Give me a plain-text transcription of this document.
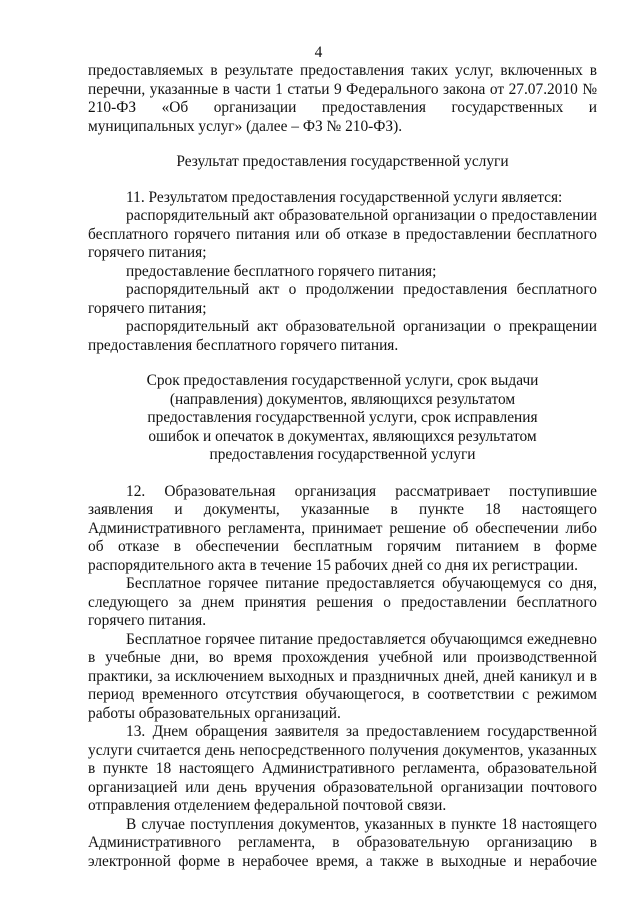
4

предоставляемых в результате предоставления таких услуг, включенных в перечни, указанные в части 1 статьи 9 Федерального закона от 27.07.2010 № 210-ФЗ «Об организации предоставления государственных и муниципальных услуг» (далее – ФЗ № 210-ФЗ).

Результат предоставления государственной услуги

11. Результатом предоставления государственной услуги является:

распорядительный акт образовательной организации о предоставлении бесплатного горячего питания или об отказе в предоставлении бесплатного горячего питания;

предоставление бесплатного горячего питания;

распорядительный акт о продолжении предоставления бесплатного горячего питания;

распорядительный акт образовательной организации о прекращении предоставления бесплатного горячего питания.

Срок предоставления государственной услуги, срок выдачи (направления) документов, являющихся результатом предоставления государственной услуги, срок исправления ошибок и опечаток в документах, являющихся результатом предоставления государственной услуги

12. Образовательная организация рассматривает поступившие заявления и документы, указанные в пункте 18 настоящего Административного регламента, принимает решение об обеспечении либо об отказе в обеспечении бесплатным горячим питанием в форме распорядительного акта в течение 15 рабочих дней со дня их регистрации.

Бесплатное горячее питание предоставляется обучающемуся со дня, следующего за днем принятия решения о предоставлении бесплатного горячего питания.

Бесплатное горячее питание предоставляется обучающимся ежедневно в учебные дни, во время прохождения учебной или производственной практики, за исключением выходных и праздничных дней, дней каникул и в период временного отсутствия обучающегося, в соответствии с режимом работы образовательных организаций.

13. Днем обращения заявителя за предоставлением государственной услуги считается день непосредственного получения документов, указанных в пункте 18 настоящего Административного регламента, образовательной организацией или день вручения образовательной организации почтового отправления отделением федеральной почтовой связи.

В случае поступления документов, указанных в пункте 18 настоящего Административного регламента, в образовательную организацию в электронной форме в нерабочее время, а также в выходные и нерабочие
